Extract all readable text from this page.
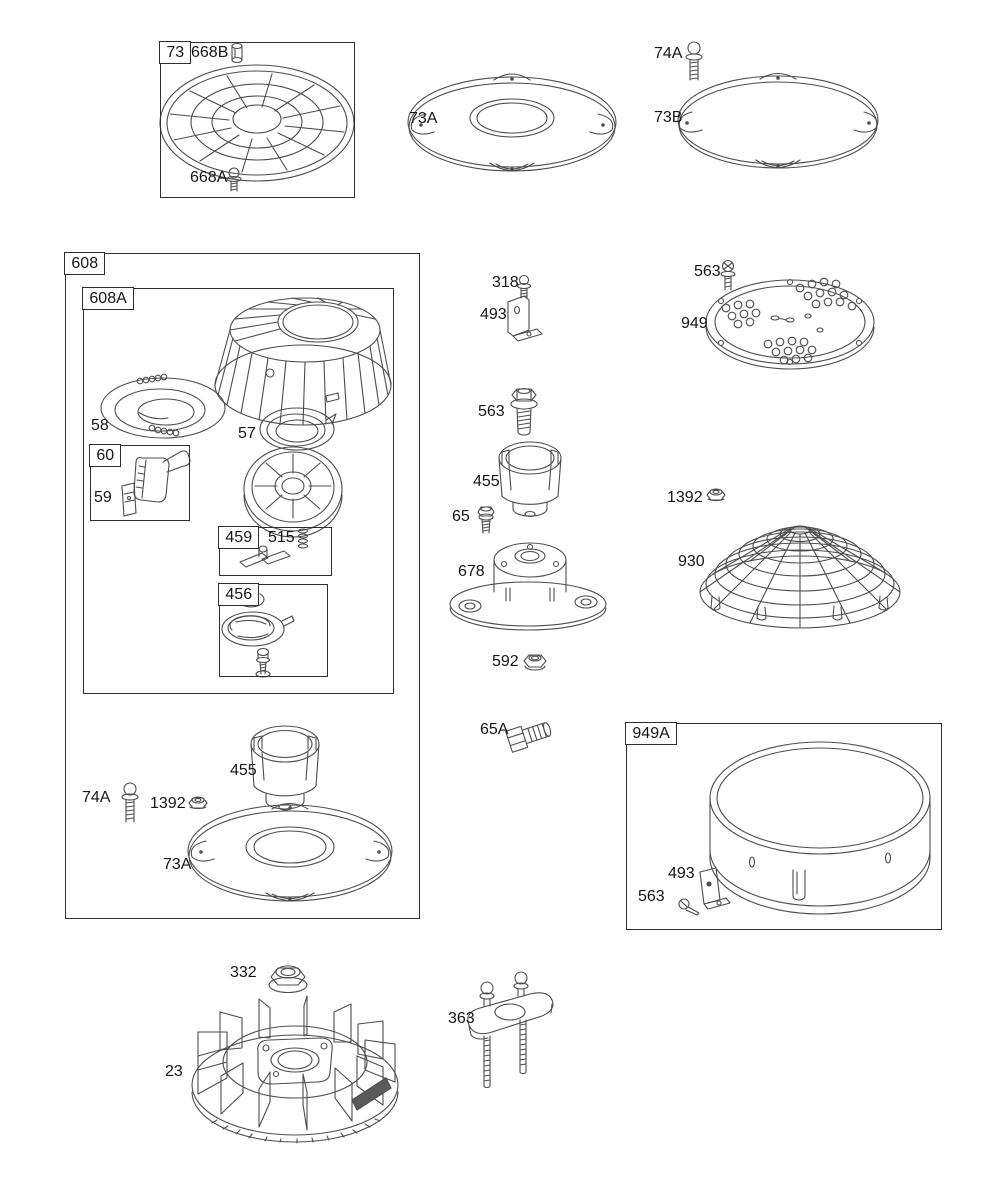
73
608
608A
60
459
456
949A
668B
668A
73A
74A
73B
58	57
59
515
455
74A 1392
73A
318
493
563
455
65
678
592
65A
563
949
1392
930
493
563
332
23
363
